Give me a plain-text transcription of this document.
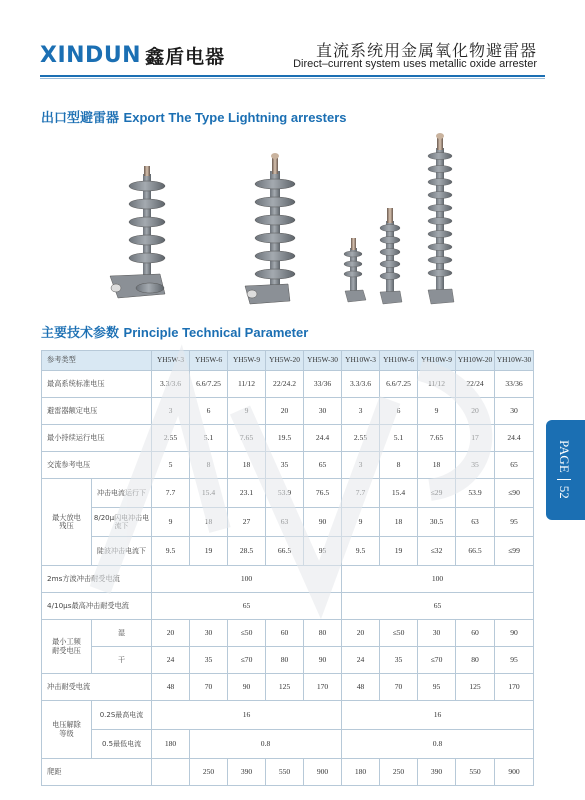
XINDUN 鑫盾电器	直流系统用金属氧化物避雷器
Direct–current system uses metallic oxide arrester
出口型避雷器 Export The Type Lightning arresters
主要技术参数 Principle Technical Parameter
参考类型		YH5W-3	YH5W-6	YH5W-9	YH5W-20	YH5W-30	YH10W-3	YH10W-6	YH10W-9	YH10W-20	YH10W-30
最高系统标准电压		3.3/3.6	6.6/7.25	11/12	22/24.2	33/36	3.3/3.6	6.6/7.25	11/12	22/24	33/36
避雷器额定电压		3	6	9	20	30	3	6	9	20	30
最小持续运行电压		2.55	5.1	7.65	19.5	24.4	2.55	5.1	7.65	17	24.4
交流参考电压		5	8	18	35	65	3	8	18	35	65
最大放电残压	冲击电流运行下	7.7	15.4	23.1	53.9	76.5	7.7	15.4	≤29	53.9	≤90
	8/20μ闪电冲击电流下	9	18	27	63	90	9	18	30.5	63	95
	陡波冲击电流下	9.5	19	28.5	66.5	95	9.5	19	≤32	66.5	≤99
2ms方波冲击耐受电流		100					100				
4/10μs最高冲击耐受电流		65					65				
最小工频耐受电压	湿	20	30	≤50	60	80	20	≤50	30	60	90
	干	24	35	≤70	80	90	24	35	≤70	80	95
冲击耐受电流		48	70	90	125	170	48	70	95	125	170
电压解除等级	0.2S最高电流	16					16				
	0.5最低电流	180	0.8				0.8				
爬距			250	390	550	900	180	250	390	550	900
PAGE
52
